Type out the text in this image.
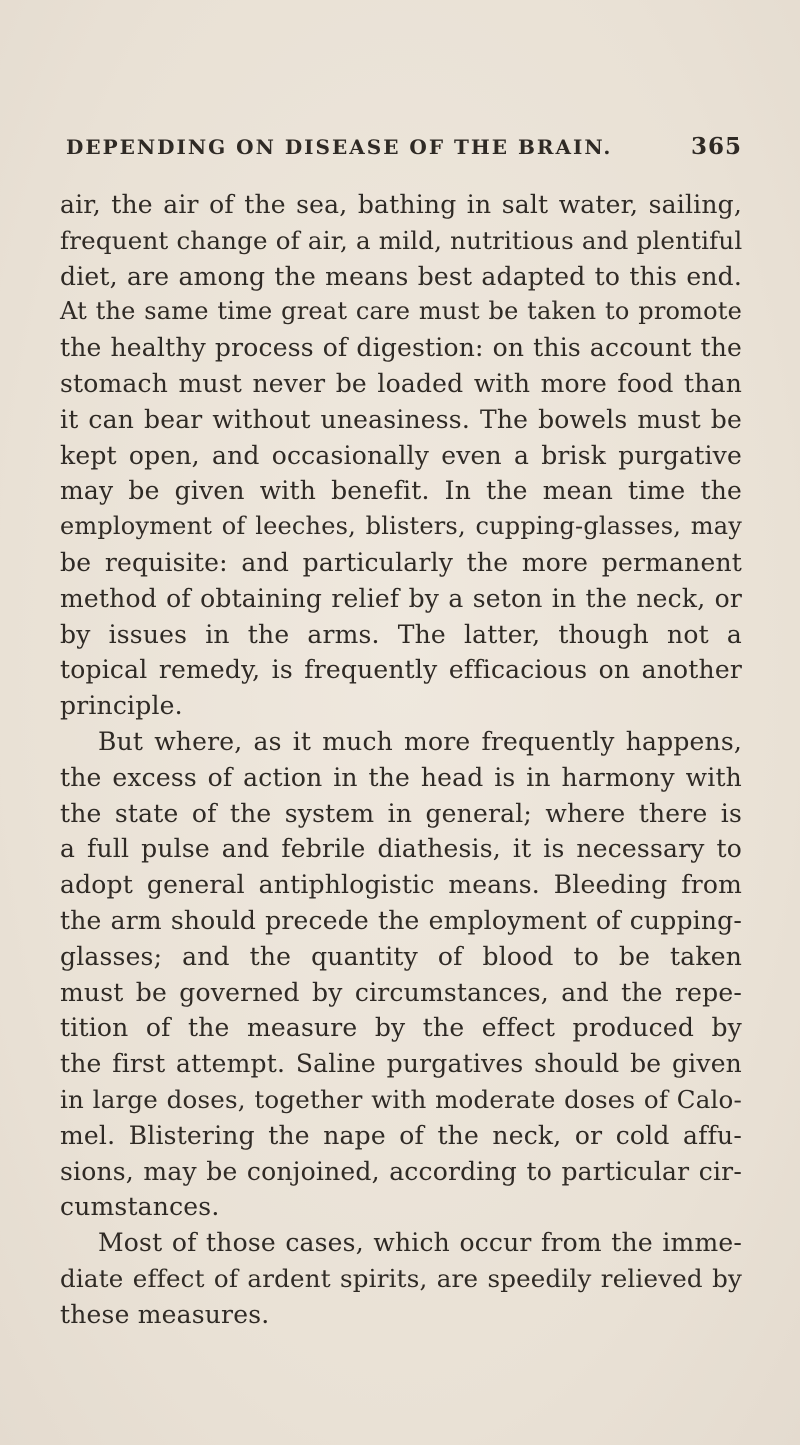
DEPENDING ON DISEASE OF THE BRAIN.	365
air, the air of the sea, bathing in salt water, sailing,
frequent change of air, a mild, nutritious and plentiful
diet, are among the means best adapted to this end.
At the same time great care must be taken to promote
the healthy process of digestion: on this account the
stomach must never be loaded with more food than
it can bear without uneasiness. The bowels must be
kept open, and occasionally even a brisk purgative
may be given with benefit. In the mean time the
employment of leeches, blisters, cupping-glasses, may
be requisite: and particularly the more permanent
method of obtaining relief by a seton in the neck, or
by issues in the arms. The latter, though not a
topical remedy, is frequently efficacious on another
principle.
But where, as it much more frequently happens,
the excess of action in the head is in harmony with
the state of the system in general; where there is
a full pulse and febrile diathesis, it is necessary to
adopt general antiphlogistic means. Bleeding from
the arm should precede the employment of cupping-
glasses; and the quantity of blood to be taken
must be governed by circumstances, and the repe-
tition of the measure by the effect produced by
the first attempt. Saline purgatives should be given
in large doses, together with moderate doses of Calo-
mel. Blistering the nape of the neck, or cold affu-
sions, may be conjoined, according to particular cir-
cumstances.
Most of those cases, which occur from the imme-
diate effect of ardent spirits, are speedily relieved by
these measures.
